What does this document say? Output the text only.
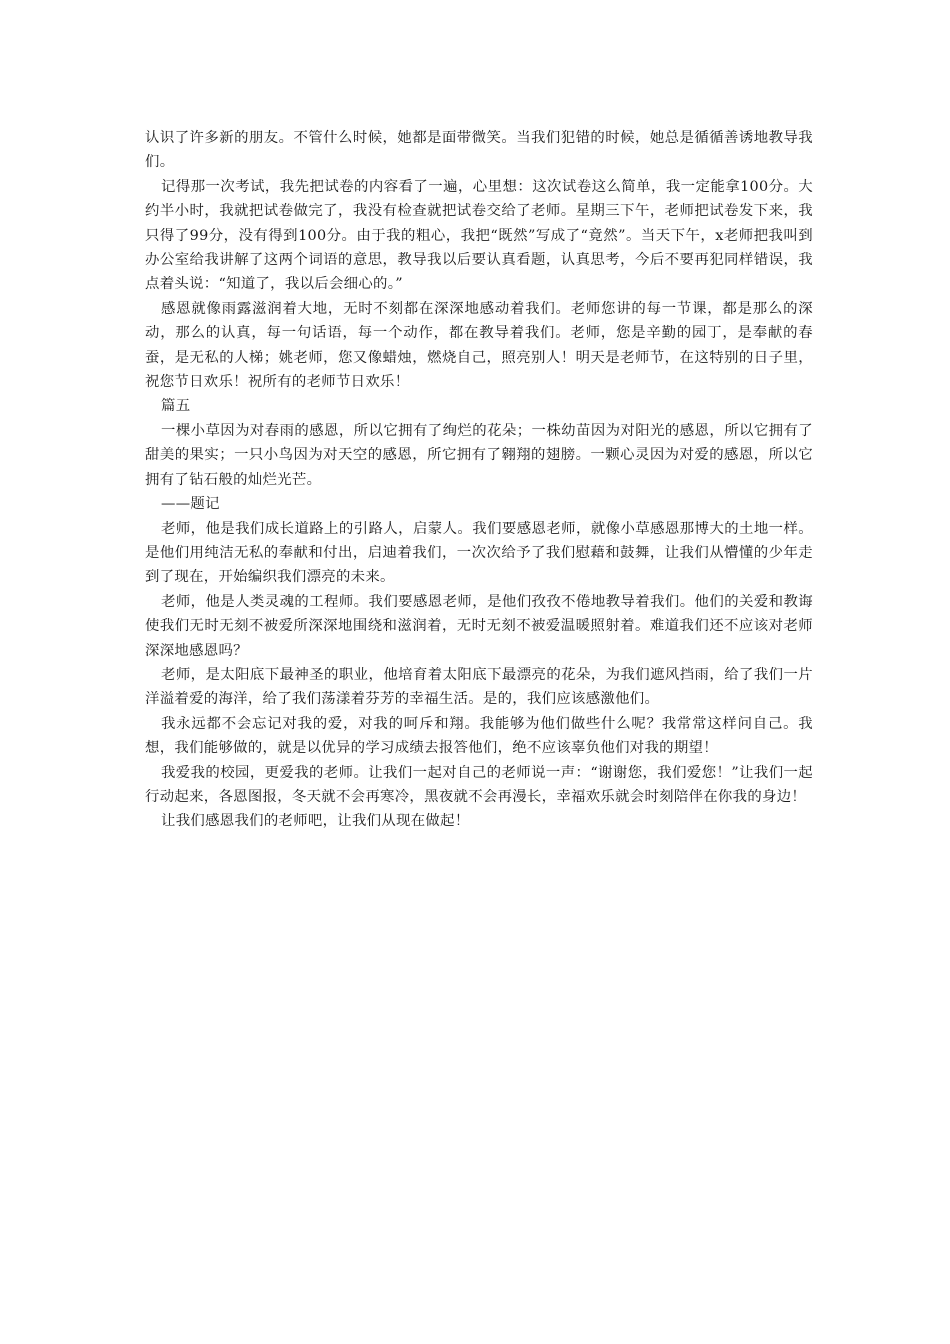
认识了许多新的朋友。不管什么时候，她都是面带微笑。当我们犯错的时候，她总是循循善诱地教导我们。

记得那一次考试，我先把试卷的内容看了一遍，心里想：这次试卷这么简单，我一定能拿100分。大约半小时，我就把试卷做完了，我没有检查就把试卷交给了老师。星期三下午，老师把试卷发下来，我只得了99分，没有得到100分。由于我的粗心，我把“既然”写成了“竟然”。当天下午，x老师把我叫到办公室给我讲解了这两个词语的意思，教导我以后要认真看题，认真思考，今后不要再犯同样错误，我点着头说：“知道了，我以后会细心的。”

感恩就像雨露滋润着大地，无时不刻都在深深地感动着我们。老师您讲的每一节课，都是那么的深动，那么的认真，每一句话语，每一个动作，都在教导着我们。老师，您是辛勤的园丁，是奉献的春蚕，是无私的人梯；姚老师，您又像蜡烛，燃烧自己，照亮别人！明天是老师节，在这特别的日子里，祝您节日欢乐！祝所有的老师节日欢乐！

篇五

一棵小草因为对春雨的感恩，所以它拥有了绚烂的花朵；一株幼苗因为对阳光的感恩，所以它拥有了甜美的果实；一只小鸟因为对天空的感恩，所它拥有了翱翔的翅膀。一颗心灵因为对爱的感恩，所以它拥有了钻石般的灿烂光芒。

——题记

老师，他是我们成长道路上的引路人，启蒙人。我们要感恩老师，就像小草感恩那博大的土地一样。是他们用纯洁无私的奉献和付出，启迪着我们，一次次给予了我们慰藉和鼓舞，让我们从懵懂的少年走到了现在，开始编织我们漂亮的未来。

老师，他是人类灵魂的工程师。我们要感恩老师，是他们孜孜不倦地教导着我们。他们的关爱和教诲使我们无时无刻不被爱所深深地围绕和滋润着，无时无刻不被爱温暖照射着。难道我们还不应该对老师深深地感恩吗？

老师，是太阳底下最神圣的职业，他培育着太阳底下最漂亮的花朵，为我们遮风挡雨，给了我们一片洋溢着爱的海洋，给了我们荡漾着芬芳的幸福生活。是的，我们应该感激他们。

我永远都不会忘记对我的爱，对我的呵斥和翔。我能够为他们做些什么呢？我常常这样问自己。我想，我们能够做的，就是以优异的学习成绩去报答他们，绝不应该辜负他们对我的期望！

我爱我的校园，更爱我的老师。让我们一起对自己的老师说一声：“谢谢您，我们爱您！”让我们一起行动起来，各恩图报，冬天就不会再寒冷，黑夜就不会再漫长，幸福欢乐就会时刻陪伴在你我的身边！

让我们感恩我们的老师吧，让我们从现在做起！
